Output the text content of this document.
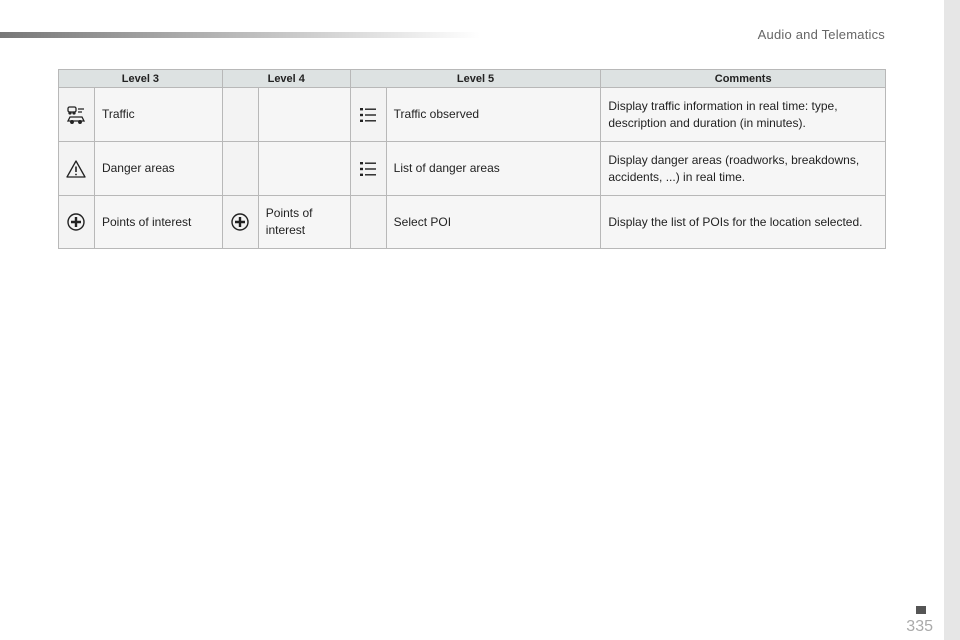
Audio and Telematics
Level 3		Level 4		Level 5		Comments

	Traffic				Traffic observed	Display traffic information in real time: type, description and duration (in minutes).

	Danger areas				List of danger areas	Display danger areas (roadworks, breakdowns, accidents, ...) in real time.

	Points of interest		Points of interest		Select POI	Display the list of POIs for the location selected.
335
